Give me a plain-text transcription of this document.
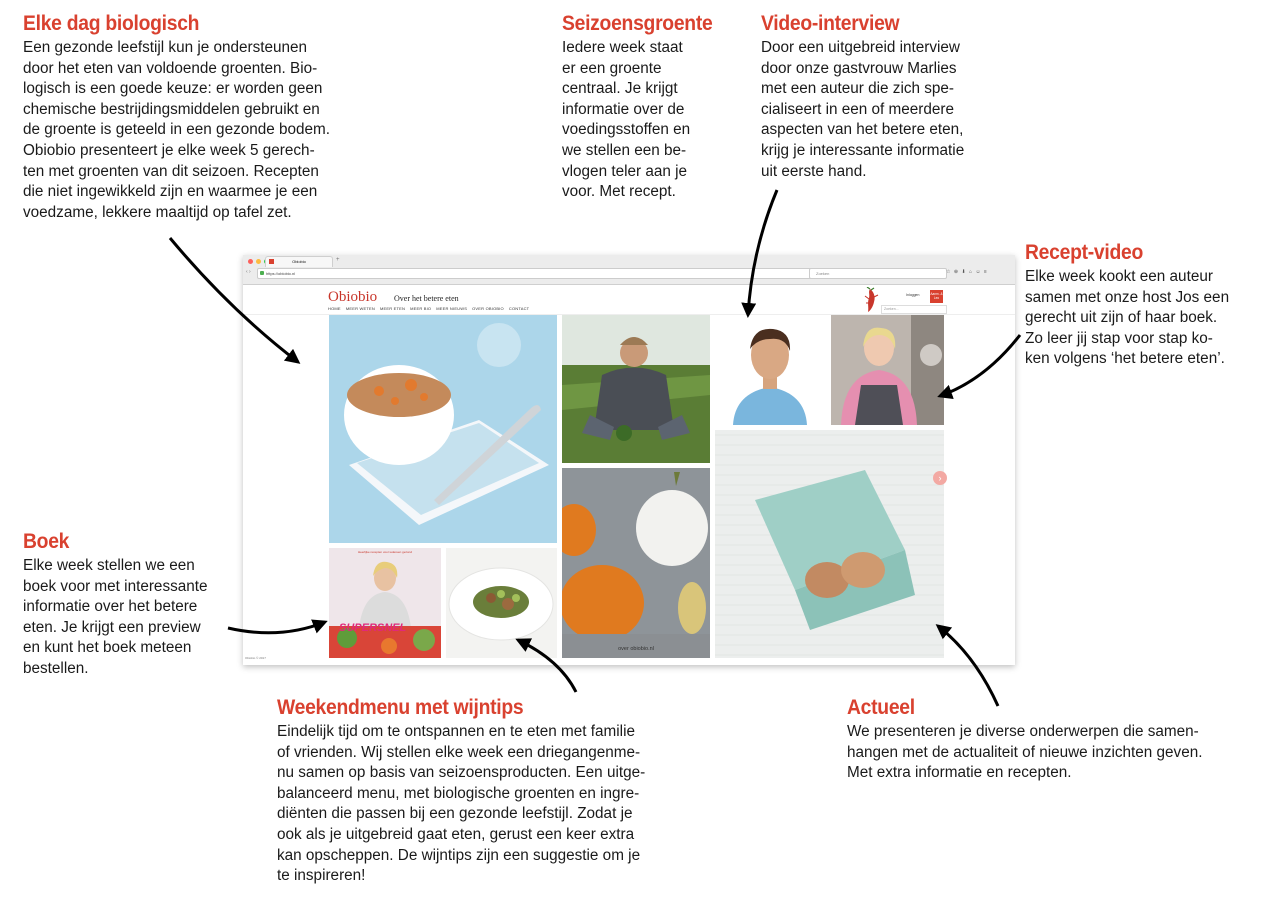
Elke dag biologisch

Een gezonde leefstijl kun je ondersteunen
door het eten van voldoende groenten. Bio-
logisch is een goede keuze: er worden geen
chemische bestrijdingsmiddelen gebruikt en
de groente is geteeld in een gezonde bodem.
Obiobio presenteert je elke week 5 gerech-
ten met groenten van dit seizoen. Recepten
die niet ingewikkeld zijn en waarmee je een
voedzame, lekkere maaltijd op tafel zet.

Seizoensgroente

Iedere week staat
er een groente
centraal. Je krijgt
informatie over de
voedingsstoffen en
we stellen een be-
vlogen teler aan je
voor. Met recept.

Video-interview

Door een uitgebreid interview
door onze gastvrouw Marlies
met een auteur die zich spe-
cialiseert in een of meerdere
aspecten van het betere eten,
krijg je interessante informatie
uit eerste hand.

Recept-video

Elke week kookt een auteur
samen met onze host Jos een
gerecht uit zijn of haar boek.
Zo leer jij stap voor stap ko-
ken volgens ‘het betere eten’.

Boek

Elke week stellen we een
boek voor met interessante
informatie over het betere
eten. Je krijgt een preview
en kunt het boek meteen
bestellen.

Weekendmenu met wijntips

Eindelijk tijd om te ontspannen en te eten met familie
of vrienden. Wij stellen elke week een driegangenme-
nu samen op basis van seizoensproducten. Een uitge-
balanceerd menu, met biologische groenten en ingre-
diënten die passen bij een gezonde leefstijl. Zodat je
ook als je uitgebreid gaat eten, gerust een keer extra
kan opscheppen. De wijntips zijn een suggestie om je
te inspireren!

Actueel

We presenteren je diverse onderwerpen die samen-
hangen met de actualiteit of nieuwe inzichten geven.
Met extra informatie en recepten.

Obiobio	+
‹ ›	https://obiobio.nl	Zoeken	☆ ⊕ ⬇ ⌂ ☺ ≡
Obiobio Over het betere eten
HOME MEER WETEN MEER ETEN MEER BIO MEER NIEUWS OVER OBIOBIO CONTACT
Inloggen	Aanm. & Leo
Zoeken...
Heerlijke recepten voor iedereen gezond
SUPERSNEL
over obiobio.nl
›
Obiobio © 2017
